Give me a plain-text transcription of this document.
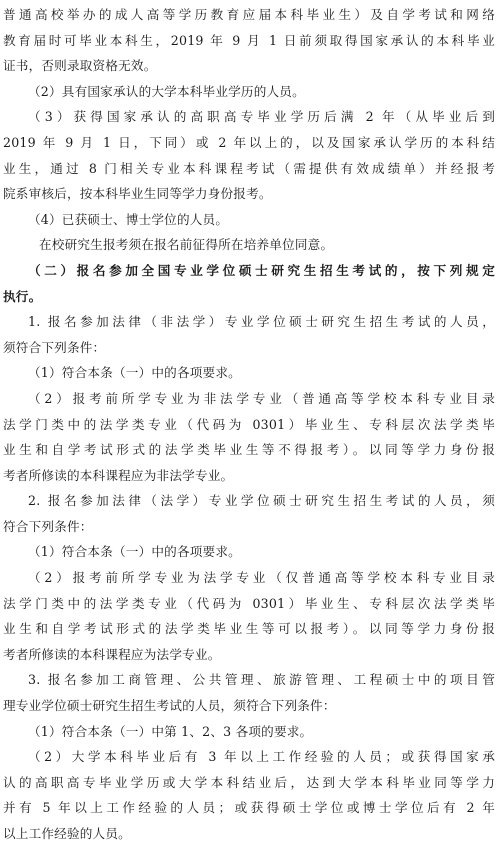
普通高校举办的成人高等学历教育应届本科毕业生）及自学考试和网络
教育届时可毕业本科生，2019 年 9 月 1 日前须取得国家承认的本科毕业
证书，否则录取资格无效。
（2）具有国家承认的大学本科毕业学历的人员。
（3）获得国家承认的高职高专毕业学历后满 2 年（从毕业后到
2019 年 9 月 1 日，下同）或 2 年以上的，以及国家承认学历的本科结
业生，通过 8 门相关专业本科课程考试（需提供有效成绩单）并经报考
院系审核后，按本科毕业生同等学力身份报考。
（4）已获硕士、博士学位的人员。
在校研究生报考须在报名前征得所在培养单位同意。
（二）报名参加全国专业学位硕士研究生招生考试的，按下列规定
执行。
1. 报名参加法律（非法学）专业学位硕士研究生招生考试的人员，
须符合下列条件：
（1）符合本条（一）中的各项要求。
（2）报考前所学专业为非法学专业（普通高等学校本科专业目录
法学门类中的法学类专业（代码为 0301）毕业生、专科层次法学类毕
业生和自学考试形式的法学类毕业生等不得报考）。以同等学力身份报
考者所修读的本科课程应为非法学专业。
2. 报名参加法律（法学）专业学位硕士研究生招生考试的人员，须
符合下列条件：
（1）符合本条（一）中的各项要求。
（2）报考前所学专业为法学专业（仅普通高等学校本科专业目录
法学门类中的法学类专业（代码为 0301）毕业生、专科层次法学类毕
业生和自学考试形式的法学类毕业生等可以报考）。以同等学力身份报
考者所修读的本科课程应为法学专业。
3. 报名参加工商管理、公共管理、旅游管理、工程硕士中的项目管
理专业学位硕士研究生招生考试的人员，须符合下列条件：
（1）符合本条（一）中第 1、2、3 各项的要求。
（2）大学本科毕业后有 3 年以上工作经验的人员；或获得国家承
认的高职高专毕业学历或大学本科结业后，达到大学本科毕业同等学力
并有 5 年以上工作经验的人员；或获得硕士学位或博士学位后有 2 年
以上工作经验的人员。
